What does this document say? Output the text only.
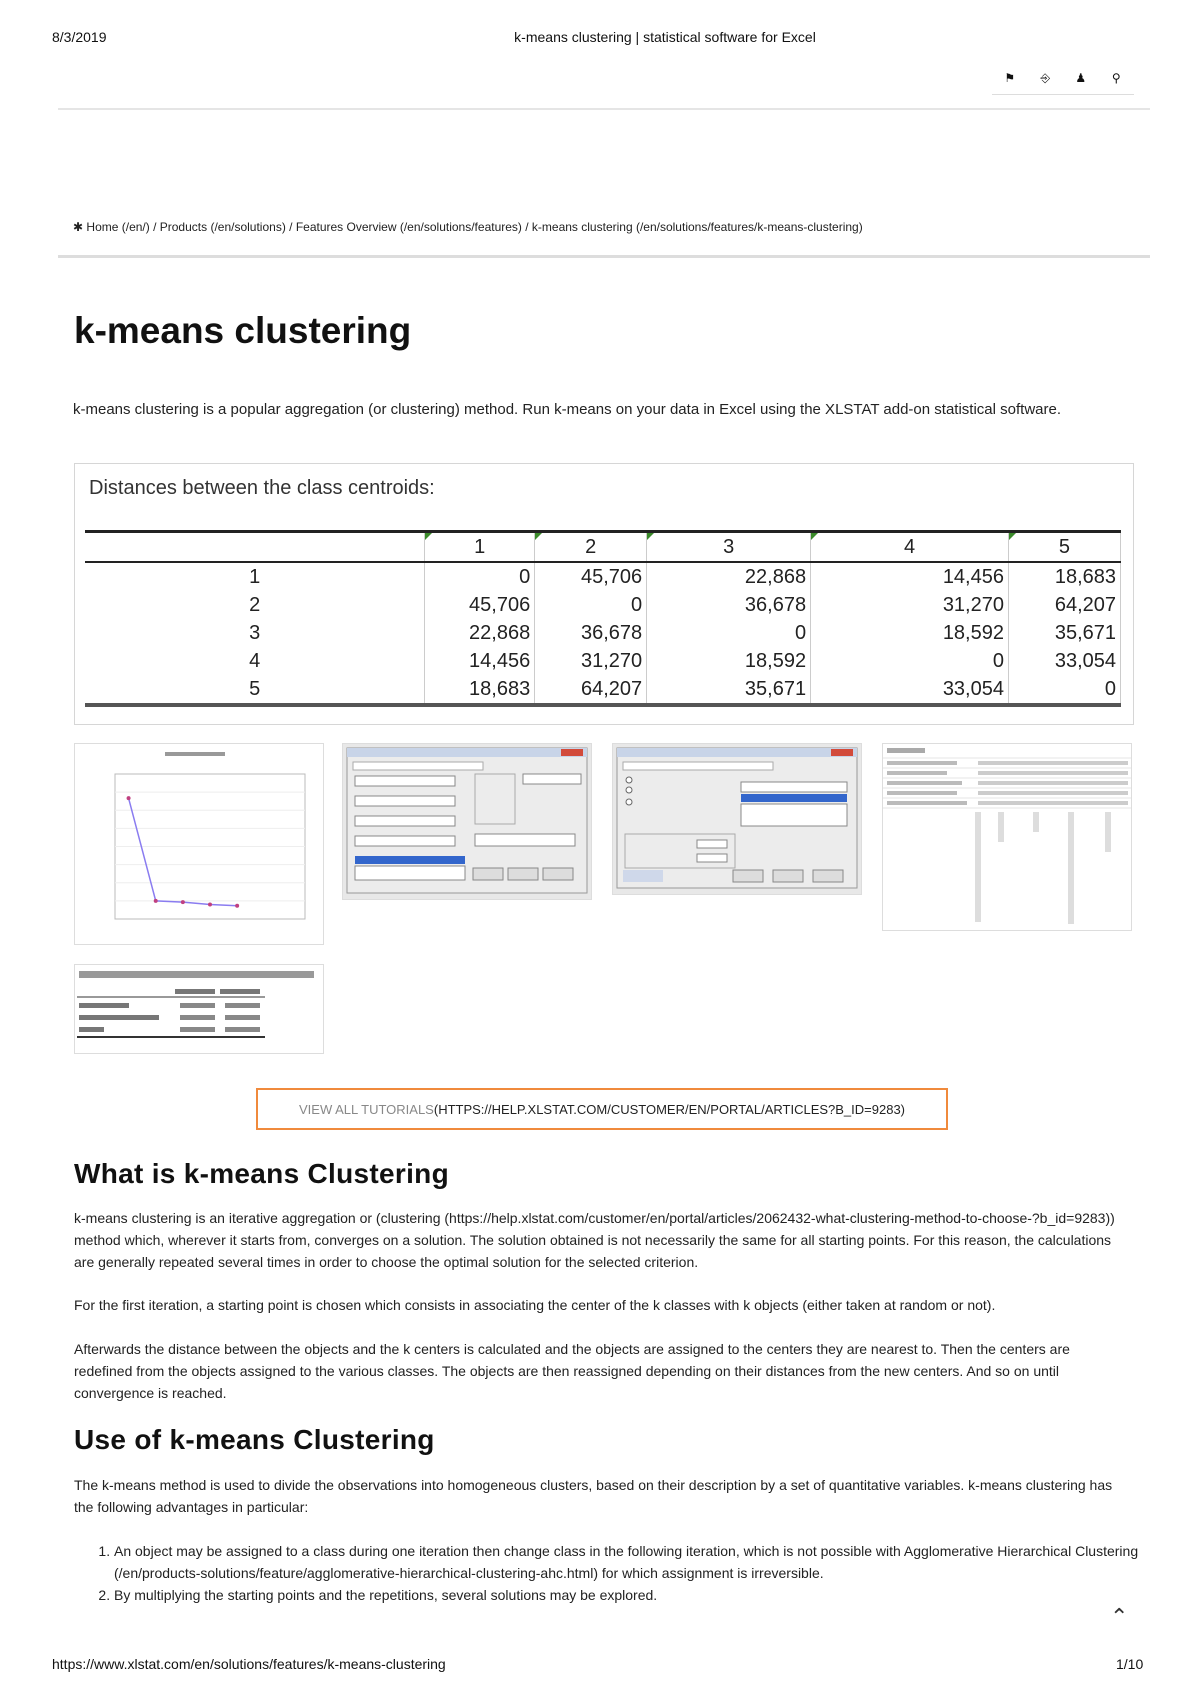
8/3/2019	k-means clustering | statistical software for Excel
⚑	⎆	♟	⚲
✱ Home (/en/) / Products (/en/solutions) / Features Overview (/en/solutions/features) / k-means clustering (/en/solutions/features/k-means-clustering)
k-means clustering
k-means clustering is a popular aggregation (or clustering) method. Run k-means on your data in Excel using the XLSTAT add-on statistical software.
Distances between the class centroids:
	1	2	3	4	5

1	0	45,706	22,868	14,456	18,683
2	45,706	0	36,678	31,270	64,207
3	22,868	36,678	0	18,592	35,671
4	14,456	31,270	18,592	0	33,054
5	18,683	64,207	35,671	33,054	0
VIEW ALL TUTORIALS (HTTPS://HELP.XLSTAT.COM/CUSTOMER/EN/PORTAL/ARTICLES?B_ID=9283)
What is k-means Clustering
k-means clustering is an iterative aggregation or (clustering (https://help.xlstat.com/customer/en/portal/articles/2062432-what-clustering-method-to-choose-?b_id=9283)) method which, wherever it starts from, converges on a solution. The solution obtained is not necessarily the same for all starting points. For this reason, the calculations are generally repeated several times in order to choose the optimal solution for the selected criterion.
For the first iteration, a starting point is chosen which consists in associating the center of the k classes with k objects (either taken at random or not).
Afterwards the distance between the objects and the k centers is calculated and the objects are assigned to the centers they are nearest to. Then the centers are redefined from the objects assigned to the various classes. The objects are then reassigned depending on their distances from the new centers. And so on until convergence is reached.
Use of k-means Clustering
The k-means method is used to divide the observations into homogeneous clusters, based on their description by a set of quantitative variables. k-means clustering has the following advantages in particular:
1. An object may be assigned to a class during one iteration then change class in the following iteration, which is not possible with Agglomerative Hierarchical Clustering (/en/products-solutions/feature/agglomerative-hierarchical-clustering-ahc.html) for which assignment is irreversible.
2. By multiplying the starting points and the repetitions, several solutions may be explored.
⌃
https://www.xlstat.com/en/solutions/features/k-means-clustering	1/10
